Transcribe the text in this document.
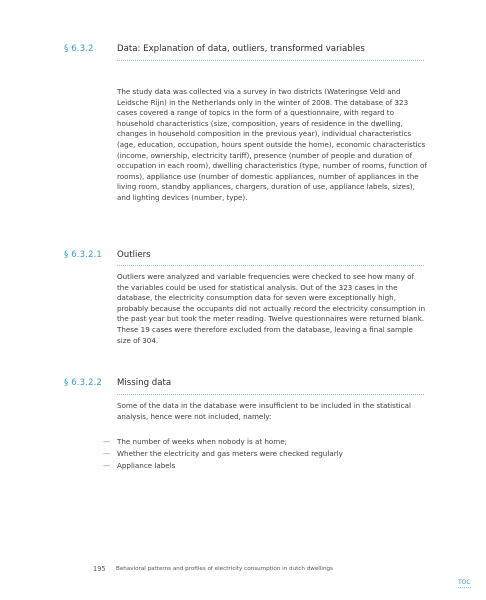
§ 6.3.2	Data: Explanation of data, outliers, transformed variables

The study data was collected via a survey in two districts (Wateringse Veld and Leidsche Rijn) in the Netherlands only in the winter of 2008. The database of 323 cases covered a range of topics in the form of a questionnaire, with regard to household characteristics (size, composition, years of residence in the dwelling, changes in household composition in the previous year), individual characteristics (age, education, occupation, hours spent outside the home), economic characteristics (income, ownership, electricity tariff), presence (number of people and duration of occupation in each room), dwelling characteristics (type, number of rooms, function of rooms), appliance use (number of domestic appliances, number of appliances in the living room, standby appliances, chargers, duration of use, appliance labels, sizes), and lighting devices (number, type).

§ 6.3.2.1 Outliers

Outliers were analyzed and variable frequencies were checked to see how many of the variables could be used for statistical analysis. Out of the 323 cases in the database, the electricity consumption data for seven were exceptionally high, probably because the occupants did not actually record the electricity consumption in the past year but took the meter reading. Twelve questionnaires were returned blank. These 19 cases were therefore excluded from the database, leaving a final sample size of 304.

§ 6.3.2.2 Missing data

Some of the data in the database were insufficient to be included in the statistical analysis, hence were not included, namely:

— The number of weeks when nobody is at home;
— Whether the electricity and gas meters were checked regularly
— Appliance labels
195 Behavioral patterns and profiles of electricity consumption in dutch dwellings
TOC
